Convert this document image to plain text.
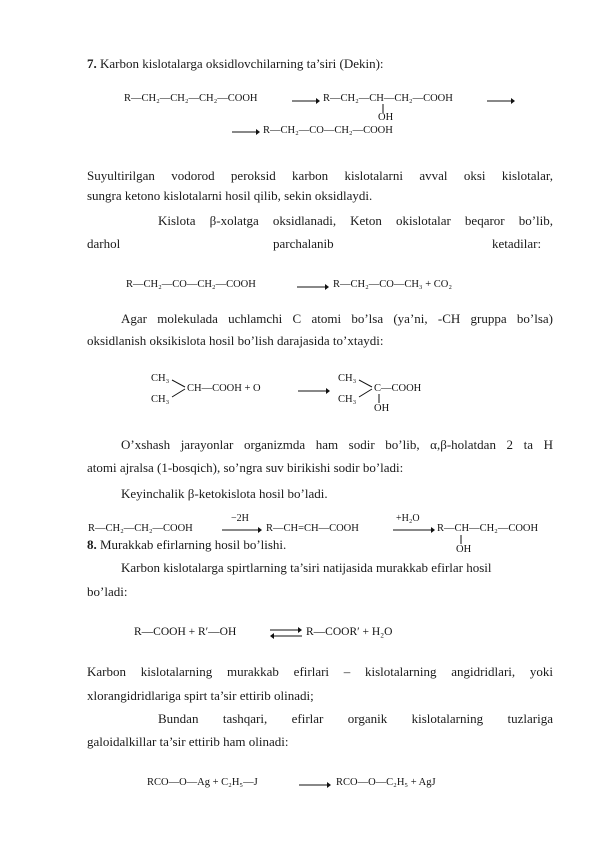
7. Karbon kislotalarga oksidlovchilarning ta’siri (Dekin):
R—CH₂—CH₂—CH₂—COOH → R—CH₂—CH—CH₂—COOH
OH
→ R—CH₂—CO—CH₂—COOH
Suyultirilgan vodorod peroksid karbon kislotalarni avval oksi kislotalar,
sungra ketono kislotalarni hosil qilib, sekin oksidlaydi.
Kislota β-xolatga oksidlanadi, Keton okislotalar beqaror bo’lib,
darhol	parchalanib	ketadilar:
R—CH₂—CO—CH₂—COOH	→ R—CH₂—CO—CH₃ + CO₂
Agar molekulada uchlamchi C atomi bo’lsa (ya’ni, -CH gruppa bo’lsa)
oksidlanish oksikislota hosil bo’lish darajasida to’xtaydi:
CH₃
CH₃
CH—COOH + O
CH₃
CH₃
C—COOH
OH
O’xshash jarayonlar organizmda ham sodir bo’lib, α,β-holatdan 2 ta H
atomi ajralsa (1-bosqich), so’ngra suv birikishi sodir bo’ladi:
Keyinchalik β-ketokislota hosil bo’ladi.
R—CH₂—CH₂—COOH
−2H
→ R—CH=CH—COOH
+H₂O
→ R—CH—CH₂—COOH
OH
8. Murakkab efirlarning hosil bo’lishi.
Karbon kislotalarga spirtlarning ta’siri natijasida murakkab efirlar hosil
bo’ladi:
R—COOH + R′—OH	R—COOR′ + H₂O
Karbon kislotalarning murakkab efirlari – kislotalarning angidridlari, yoki
xlorangidridlariga spirt ta’sir ettirib olinadi;
Bundan tashqari, efirlar organik kislotalarning tuzlariga
galoidalkillar ta’sir ettirib ham olinadi:
RCO—O—Ag + C₂H₅—J	→ RCO—O—C₂H₅ + AgJ
